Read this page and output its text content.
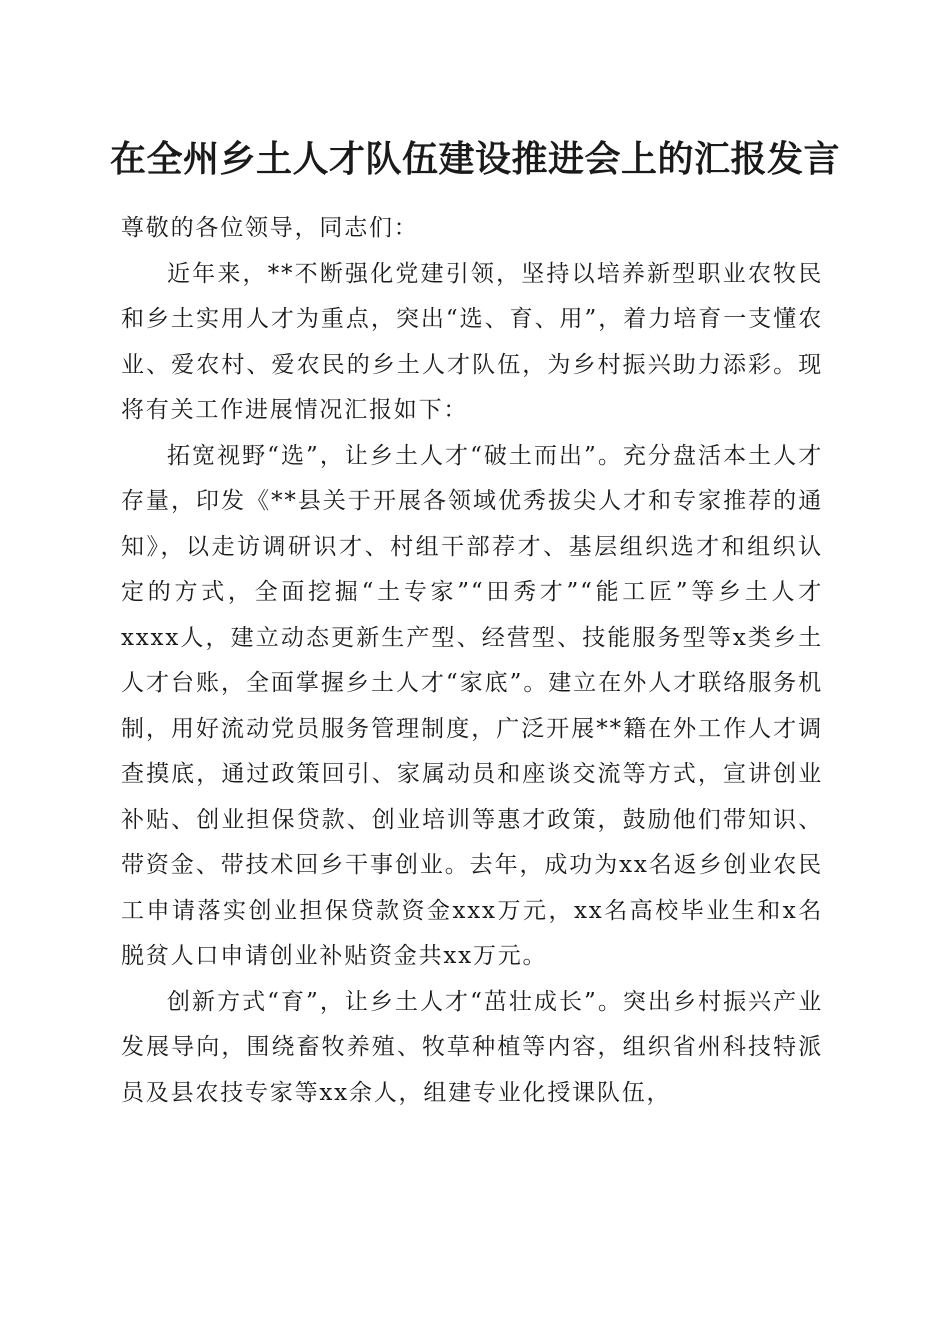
在全州乡土人才队伍建设推进会上的汇报发言

尊敬的各位领导，同志们：

近年来，**不断强化党建引领，坚持以培养新型职业农牧民和乡土实用人才为重点，突出“选、育、用”，着力培育一支懂农业、爱农村、爱农民的乡土人才队伍，为乡村振兴助力添彩。现将有关工作进展情况汇报如下：

拓宽视野“选”，让乡土人才“破土而出”。充分盘活本土人才存量，印发《**县关于开展各领域优秀拔尖人才和专家推荐的通知》，以走访调研识才、村组干部荐才、基层组织选才和组织认定的方式，全面挖掘“土专家”“田秀才”“能工匠”等乡土人才xxxx人，建立动态更新生产型、经营型、技能服务型等x类乡土人才台账，全面掌握乡土人才“家底”。建立在外人才联络服务机制，用好流动党员服务管理制度，广泛开展**籍在外工作人才调查摸底，通过政策回引、家属动员和座谈交流等方式，宣讲创业补贴、创业担保贷款、创业培训等惠才政策，鼓励他们带知识、带资金、带技术回乡干事创业。去年，成功为xx名返乡创业农民工申请落实创业担保贷款资金xxx万元，xx名高校毕业生和x名脱贫人口申请创业补贴资金共xx万元。

创新方式“育”，让乡土人才“茁壮成长”。突出乡村振兴产业发展导向，围绕畜牧养殖、牧草种植等内容，组织省州科技特派员及县农技专家等xx余人，组建专业化授课队伍，
